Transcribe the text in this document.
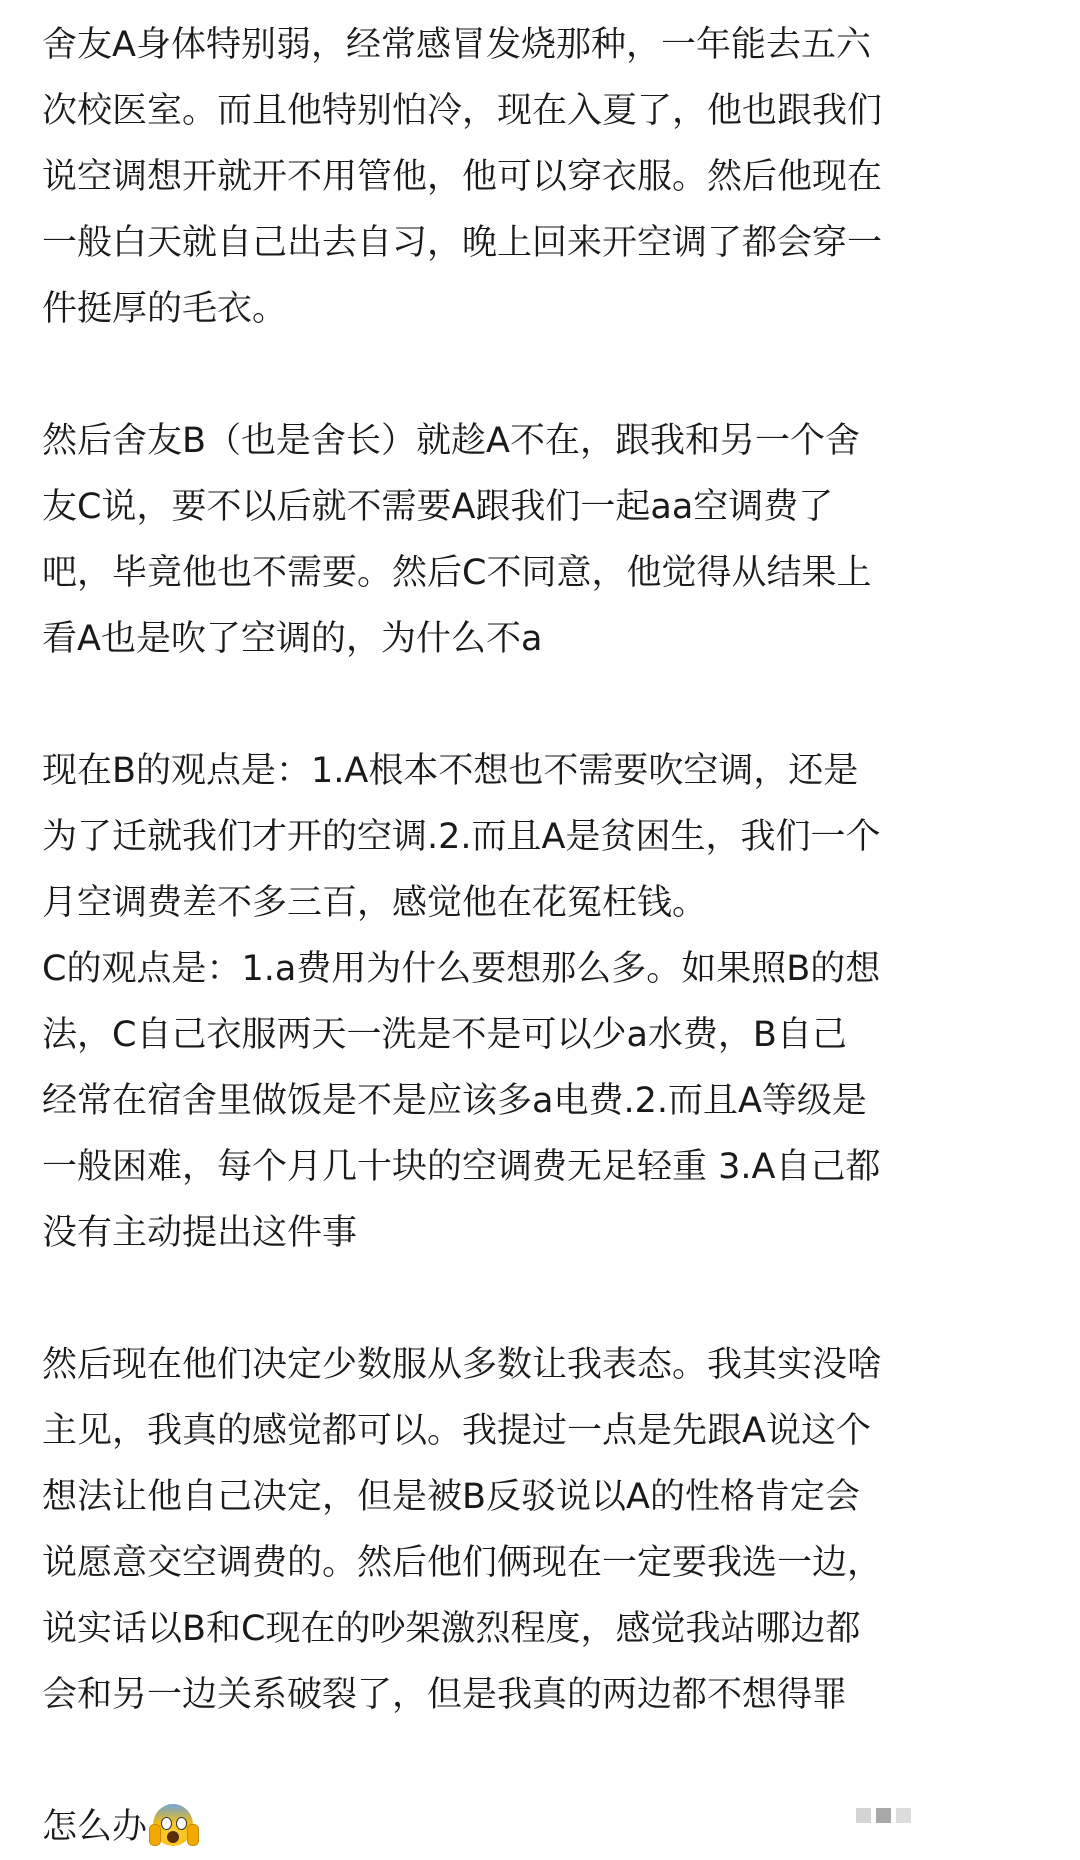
舍友A身体特别弱，经常感冒发烧那种，一年能去五六
次校医室。而且他特别怕冷，现在入夏了，他也跟我们
说空调想开就开不用管他，他可以穿衣服。然后他现在
一般白天就自己出去自习，晚上回来开空调了都会穿一
件挺厚的毛衣。
然后舍友B（也是舍长）就趁A不在，跟我和另一个舍
友C说，要不以后就不需要A跟我们一起aa空调费了
吧，毕竟他也不需要。然后C不同意，他觉得从结果上
看A也是吹了空调的，为什么不a
现在B的观点是：1.A根本不想也不需要吹空调，还是
为了迁就我们才开的空调.2.而且A是贫困生，我们一个
月空调费差不多三百，感觉他在花冤枉钱。
C的观点是：1.a费用为什么要想那么多。如果照B的想
法，C自己衣服两天一洗是不是可以少a水费，B自己
经常在宿舍里做饭是不是应该多a电费.2.而且A等级是
一般困难，每个月几十块的空调费无足轻重 3.A自己都
没有主动提出这件事
然后现在他们决定少数服从多数让我表态。我其实没啥
主见，我真的感觉都可以。我提过一点是先跟A说这个
想法让他自己决定，但是被B反驳说以A的性格肯定会
说愿意交空调费的。然后他们俩现在一定要我选一边，
说实话以B和C现在的吵架激烈程度，感觉我站哪边都
会和另一边关系破裂了，但是我真的两边都不想得罪
怎么办
